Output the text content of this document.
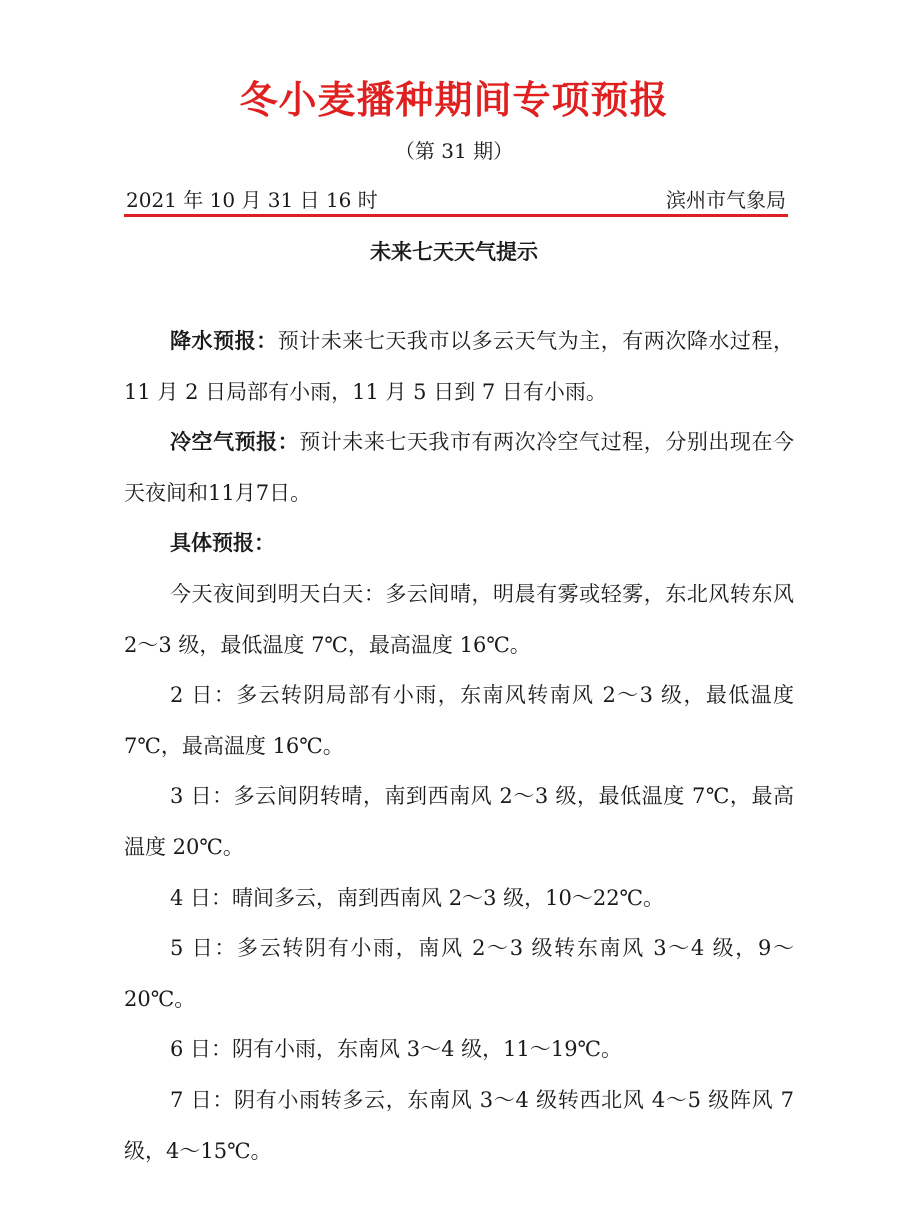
冬小麦播种期间专项预报
（第 31 期）
2021 年 10 月 31 日 16 时	滨州市气象局
未来七天天气提示

降水预报：预计未来七天我市以多云天气为主，有两次降水过程，11 月 2 日局部有小雨，11 月 5 日到 7 日有小雨。

冷空气预报：预计未来七天我市有两次冷空气过程，分别出现在今天夜间和11月7日。

具体预报：

今天夜间到明天白天：多云间晴，明晨有雾或轻雾，东北风转东风 2～3 级，最低温度 7℃，最高温度 16℃。

2 日：多云转阴局部有小雨，东南风转南风 2～3 级，最低温度 7℃，最高温度 16℃。

3 日：多云间阴转晴，南到西南风 2～3 级，最低温度 7℃，最高温度 20℃。

4 日：晴间多云，南到西南风 2～3 级，10～22℃。

5 日：多云转阴有小雨，南风 2～3 级转东南风 3～4 级，9～20℃。

6 日：阴有小雨，东南风 3～4 级，11～19℃。

7 日：阴有小雨转多云，东南风 3～4 级转西北风 4～5 级阵风 7 级，4～15℃。
